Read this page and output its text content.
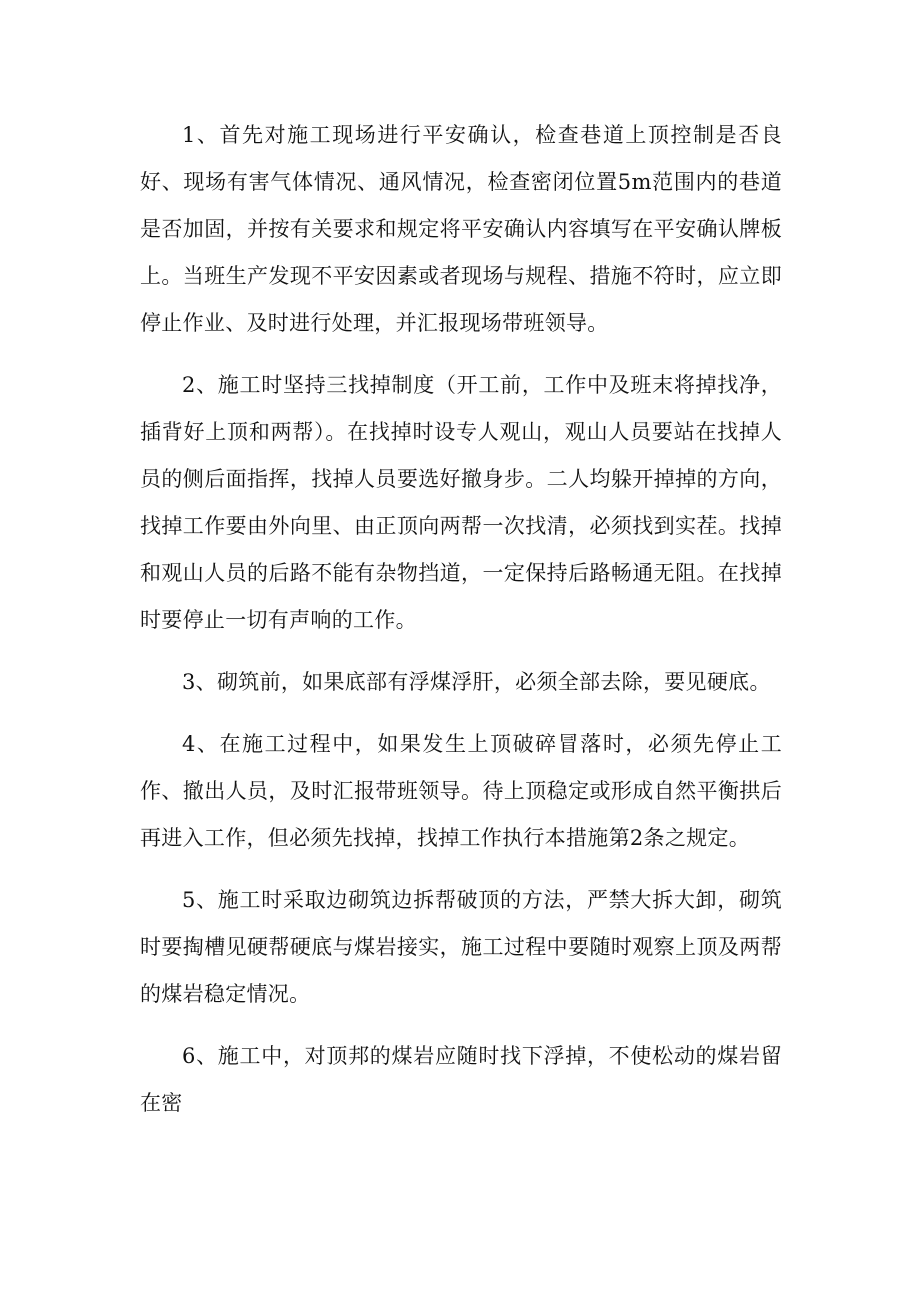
1、首先对施工现场进行平安确认，检查巷道上顶控制是否良好、现场有害气体情况、通风情况，检查密闭位置5m范围内的巷道是否加固，并按有关要求和规定将平安确认内容填写在平安确认牌板上。当班生产发现不平安因素或者现场与规程、措施不符时，应立即停止作业、及时进行处理，并汇报现场带班领导。

2、施工时坚持三找掉制度（开工前，工作中及班末将掉找净，插背好上顶和两帮）。在找掉时设专人观山，观山人员要站在找掉人员的侧后面指挥，找掉人员要选好撤身步。二人均躲开掉掉的方向，找掉工作要由外向里、由正顶向两帮一次找清，必须找到实茬。找掉和观山人员的后路不能有杂物挡道，一定保持后路畅通无阻。在找掉时要停止一切有声响的工作。

3、砌筑前，如果底部有浮煤浮肝，必须全部去除，要见硬底。

4、在施工过程中，如果发生上顶破碎冒落时，必须先停止工作、撤出人员，及时汇报带班领导。待上顶稳定或形成自然平衡拱后再进入工作，但必须先找掉，找掉工作执行本措施第2条之规定。

5、施工时采取边砌筑边拆帮破顶的方法，严禁大拆大卸，砌筑时要掏槽见硬帮硬底与煤岩接实，施工过程中要随时观察上顶及两帮的煤岩稳定情况。

6、施工中，对顶邦的煤岩应随时找下浮掉，不使松动的煤岩留在密
